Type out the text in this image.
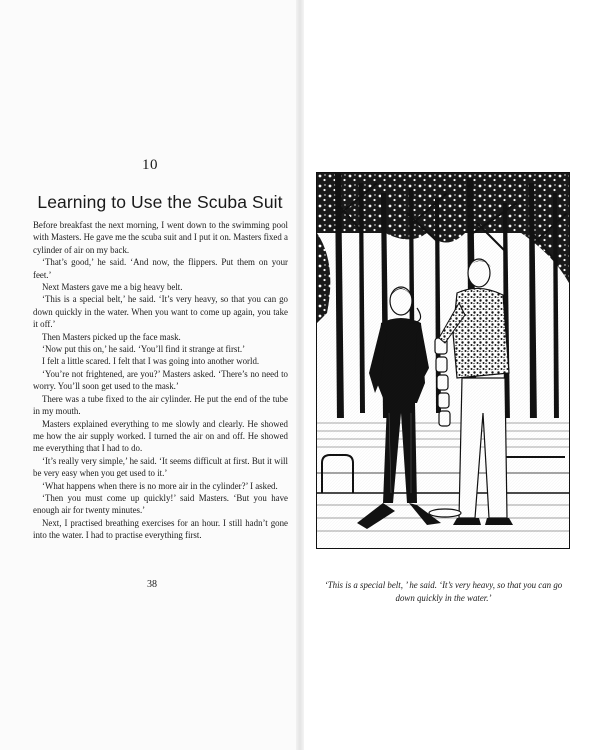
10
Learning to Use the Scuba Suit

Before breakfast the next morning, I went down to the swimming pool with Masters. He gave me the scuba suit and I put it on. Masters fixed a cylinder of air on my back.

‘That’s good,’ he said. ‘And now, the flippers. Put them on your feet.’

Next Masters gave me a big heavy belt.

‘This is a special belt,’ he said. ‘It’s very heavy, so that you can go down quickly in the water. When you want to come up again, you take it off.’

Then Masters picked up the face mask.

‘Now put this on,’ he said. ‘You’ll find it strange at first.’

I felt a little scared. I felt that I was going into another world.

‘You’re not frightened, are you?’ Masters asked. ‘There’s no need to worry. You’ll soon get used to the mask.’

There was a tube fixed to the air cylinder. He put the end of the tube in my mouth.

Masters explained everything to me slowly and clearly. He showed me how the air supply worked. I turned the air on and off. He showed me everything that I had to do.

‘It’s really very simple,’ he said. ‘It seems difficult at first. But it will be very easy when you get used to it.’

‘What happens when there is no more air in the cylinder?’ I asked.

‘Then you must come up quickly!’ said Masters. ‘But you have enough air for twenty minutes.’

Next, I practised breathing exercises for an hour. I still hadn’t gone into the water. I had to practise everything first.

38	‘This is a special belt, ’ he said. ‘It’s very heavy, so that you can go down quickly in the water.’
